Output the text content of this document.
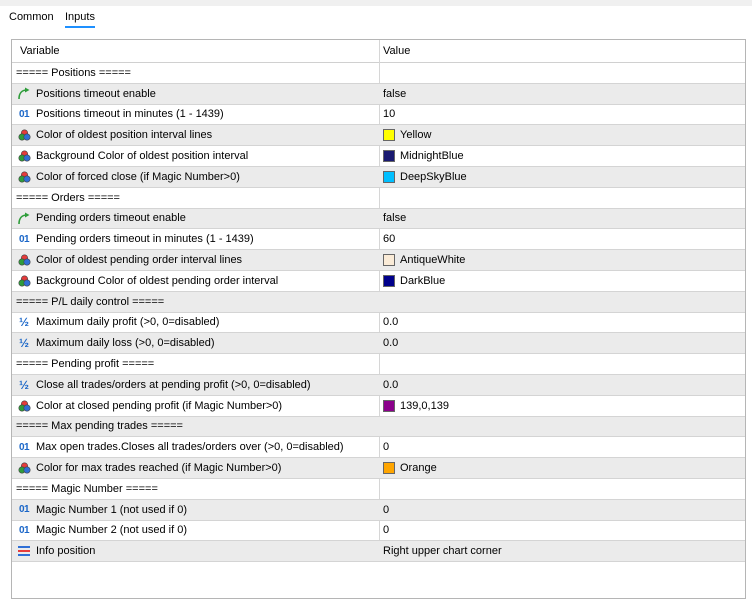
Common Inputs
Variable	Value
===== Positions =====
Positions timeout enable	false
01 Positions timeout in minutes (1 - 1439)	10
Color of oldest position interval lines	Yellow
Background Color of oldest position interval	MidnightBlue
Color of forced close (if Magic Number>0)	DeepSkyBlue
===== Orders =====
Pending orders timeout enable	false
01 Pending orders timeout in minutes (1 - 1439)	60
Color of oldest pending order interval lines	AntiqueWhite
Background Color of oldest pending order interval	DarkBlue
===== P/L daily control =====
½ Maximum daily profit (>0, 0=disabled)	0.0
½ Maximum daily loss (>0, 0=disabled)	0.0
===== Pending profit =====
½ Close all trades/orders at pending profit (>0, 0=disabled)	0.0
Color at closed pending profit (if Magic Number>0)	139,0,139
===== Max pending trades =====
01 Max open trades.Closes all trades/orders over (>0, 0=disabled)	0
Color for max trades reached (if Magic Number>0)	Orange
===== Magic Number =====
01 Magic Number 1 (not used if 0)	0
01 Magic Number 2 (not used if 0)	0
Info position	Right upper chart corner
